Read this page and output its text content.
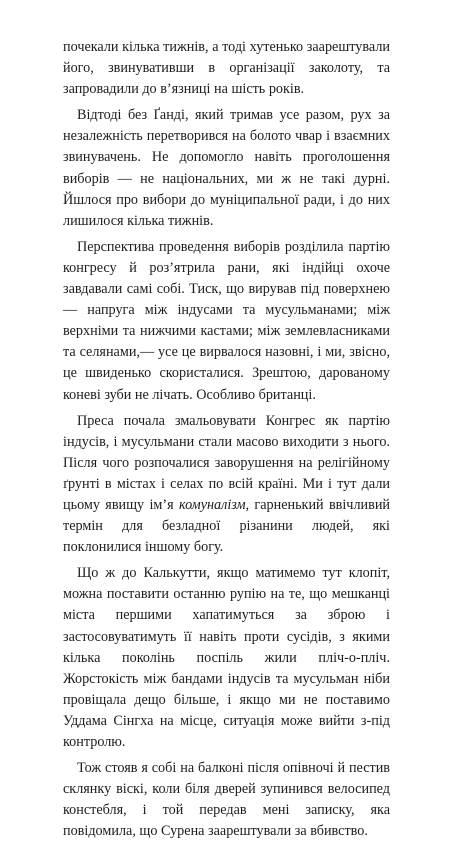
почекали кілька тижнів, а тоді хутенько заарештували його, звинувативши в організації заколоту, та запровадили до в’язниці на шість років.

Відтоді без Ґанді, який тримав усе разом, рух за незалежність перетворився на болото чвар і взаємних звинувачень. Не допомогло навіть проголошення виборів — не національних, ми ж не такі дурні. Йшлося про вибори до муніципальної ради, і до них лишилося кілька тижнів.

Перспектива проведення виборів розділила партію конгресу й роз’ятрила рани, які індійці охоче завдавали самі собі. Тиск, що вирував під поверхнею — напруга між індусами та мусульманами; між верхніми та нижчими кастами; між землевласниками та селянами,— усе це вирвалося назовні, і ми, звісно, це швиденько скористалися. Зрештою, дарованому коневі зуби не лічать. Особливо британці.

Преса почала змальовувати Конгрес як партію індусів, і мусульмани стали масово виходити з нього. Після чого розпочалися заворушення на релігійному ґрунті в містах і селах по всій країні. Ми і тут дали цьому явищу ім’я комуналізм, гарненький ввічливий термін для безладної різанини людей, які поклонилися іншому богу.

Що ж до Калькутти, якщо матимемо тут клопіт, можна поставити останню рупію на те, що мешканці міста першими хапатимуться за зброю і застосовуватимуть її навіть проти сусідів, з якими кілька поколінь поспіль жили пліч-о-пліч. Жорстокість між бандами індусів та мусульман ніби провіщала дещо більше, і якщо ми не поставимо Уддама Сінгха на місце, ситуація може вийти з-під контролю.

Тож стояв я собі на балконі після опівночі й пестив склянку віскі, коли біля дверей зупинився велосипед констебля, і той передав мені записку, яка повідомила, що Сурена заарештували за вбивство.
